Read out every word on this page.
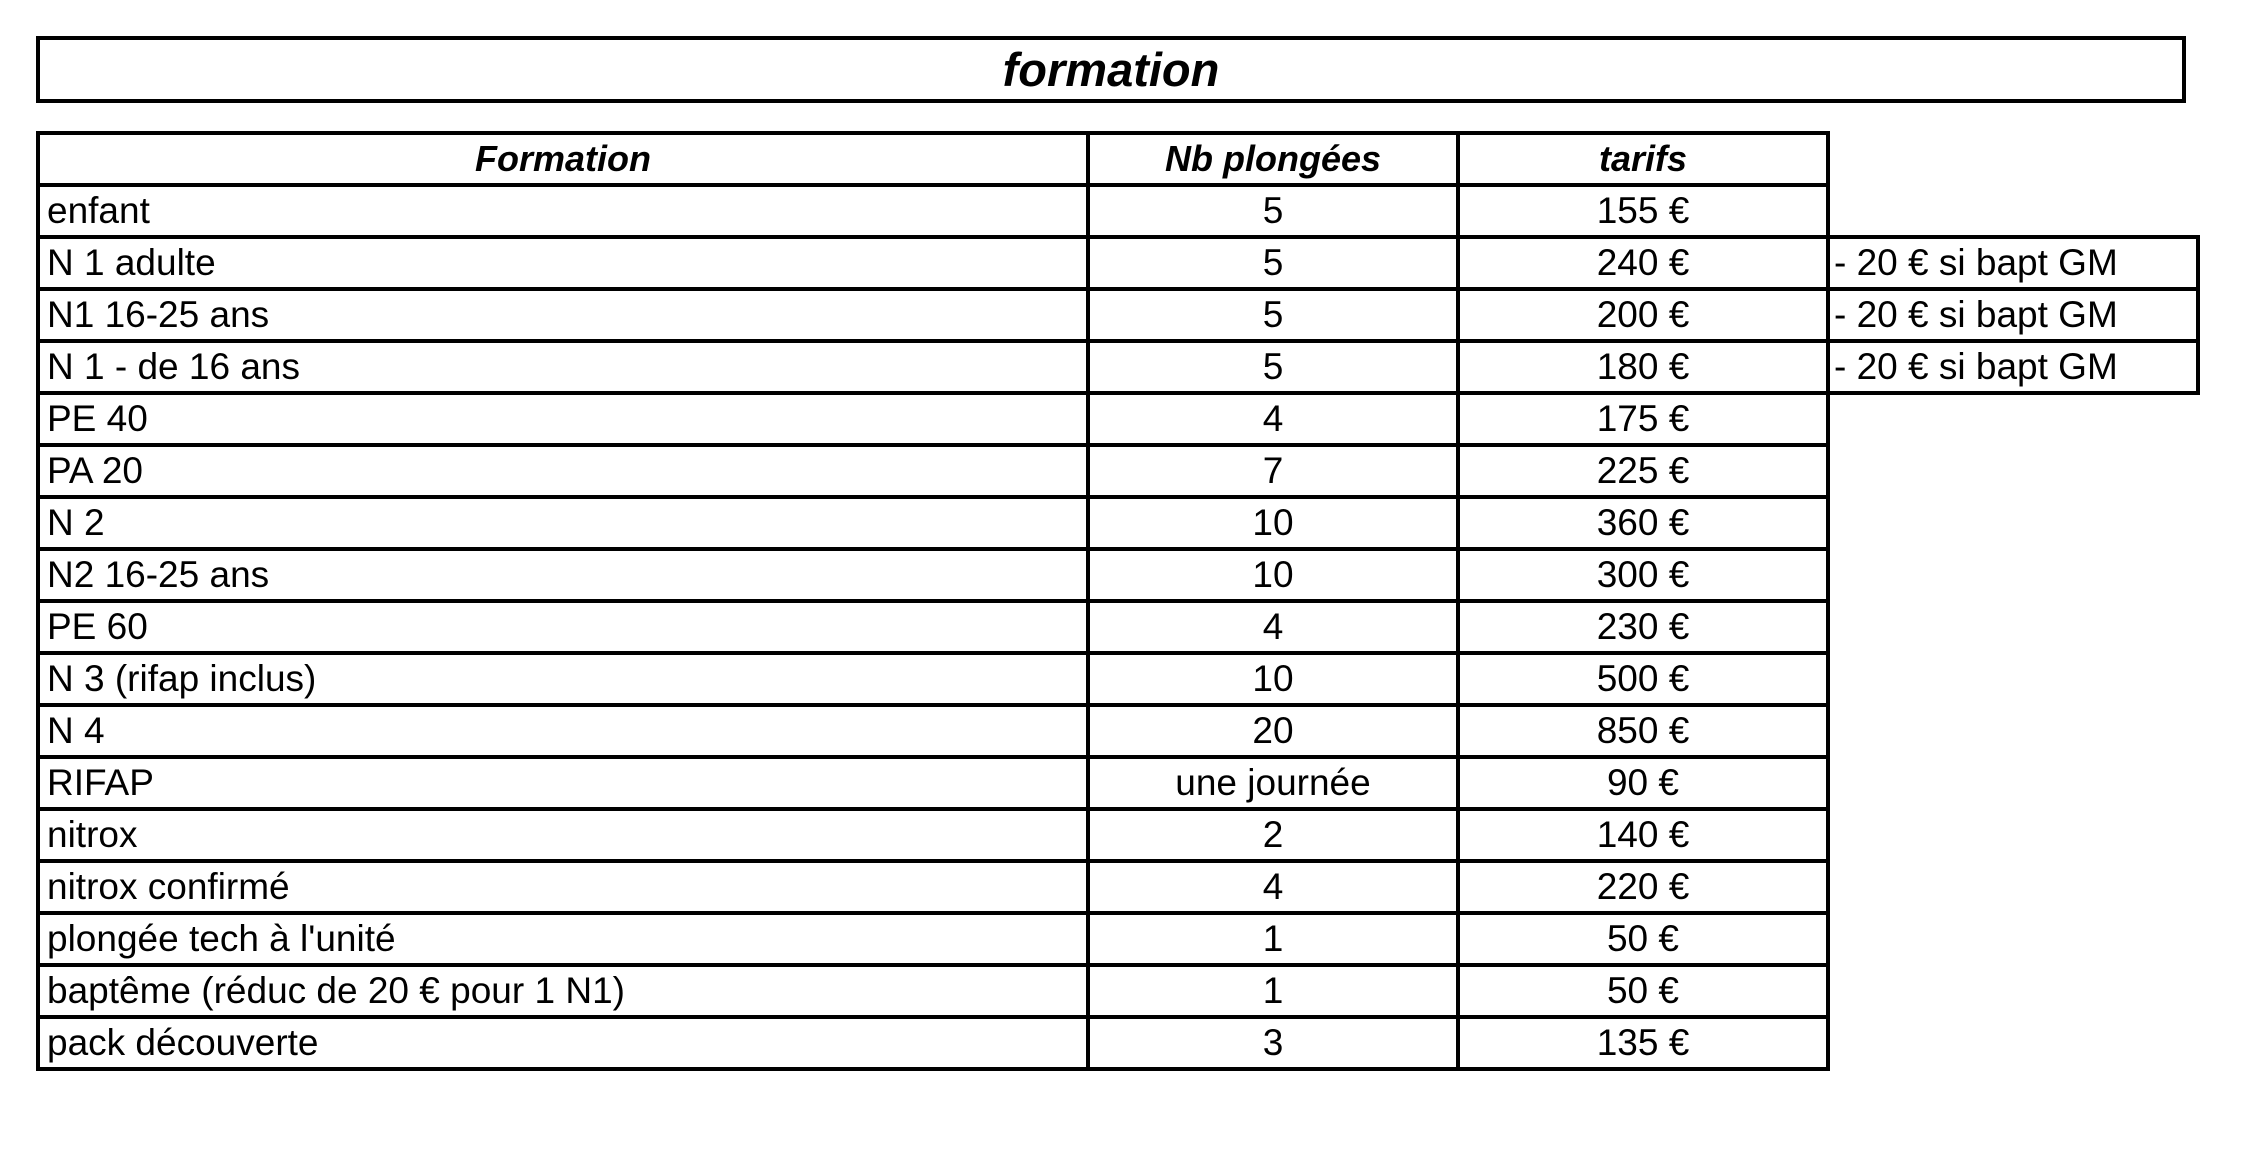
formation
Formation	Nb plongées	tarifs	
enfant	5	155 €	
N 1 adulte	5	240 €	- 20 € si bapt GM
N1 16-25 ans	5	200 €	- 20 € si bapt GM
N 1 - de 16 ans	5	180 €	- 20 € si bapt GM
PE 40	4	175 €	
PA 20	7	225 €	
N 2	10	360 €	
N2 16-25 ans	10	300 €	
PE 60	4	230 €	
N 3 (rifap inclus)	10	500 €	
N 4	20	850 €	
RIFAP	une journée	90 €	
nitrox	2	140 €	
nitrox confirmé	4	220 €	
plongée tech à l'unité	1	50 €	
baptême (réduc de 20 € pour 1 N1)	1	50 €	
pack découverte	3	135 €	
